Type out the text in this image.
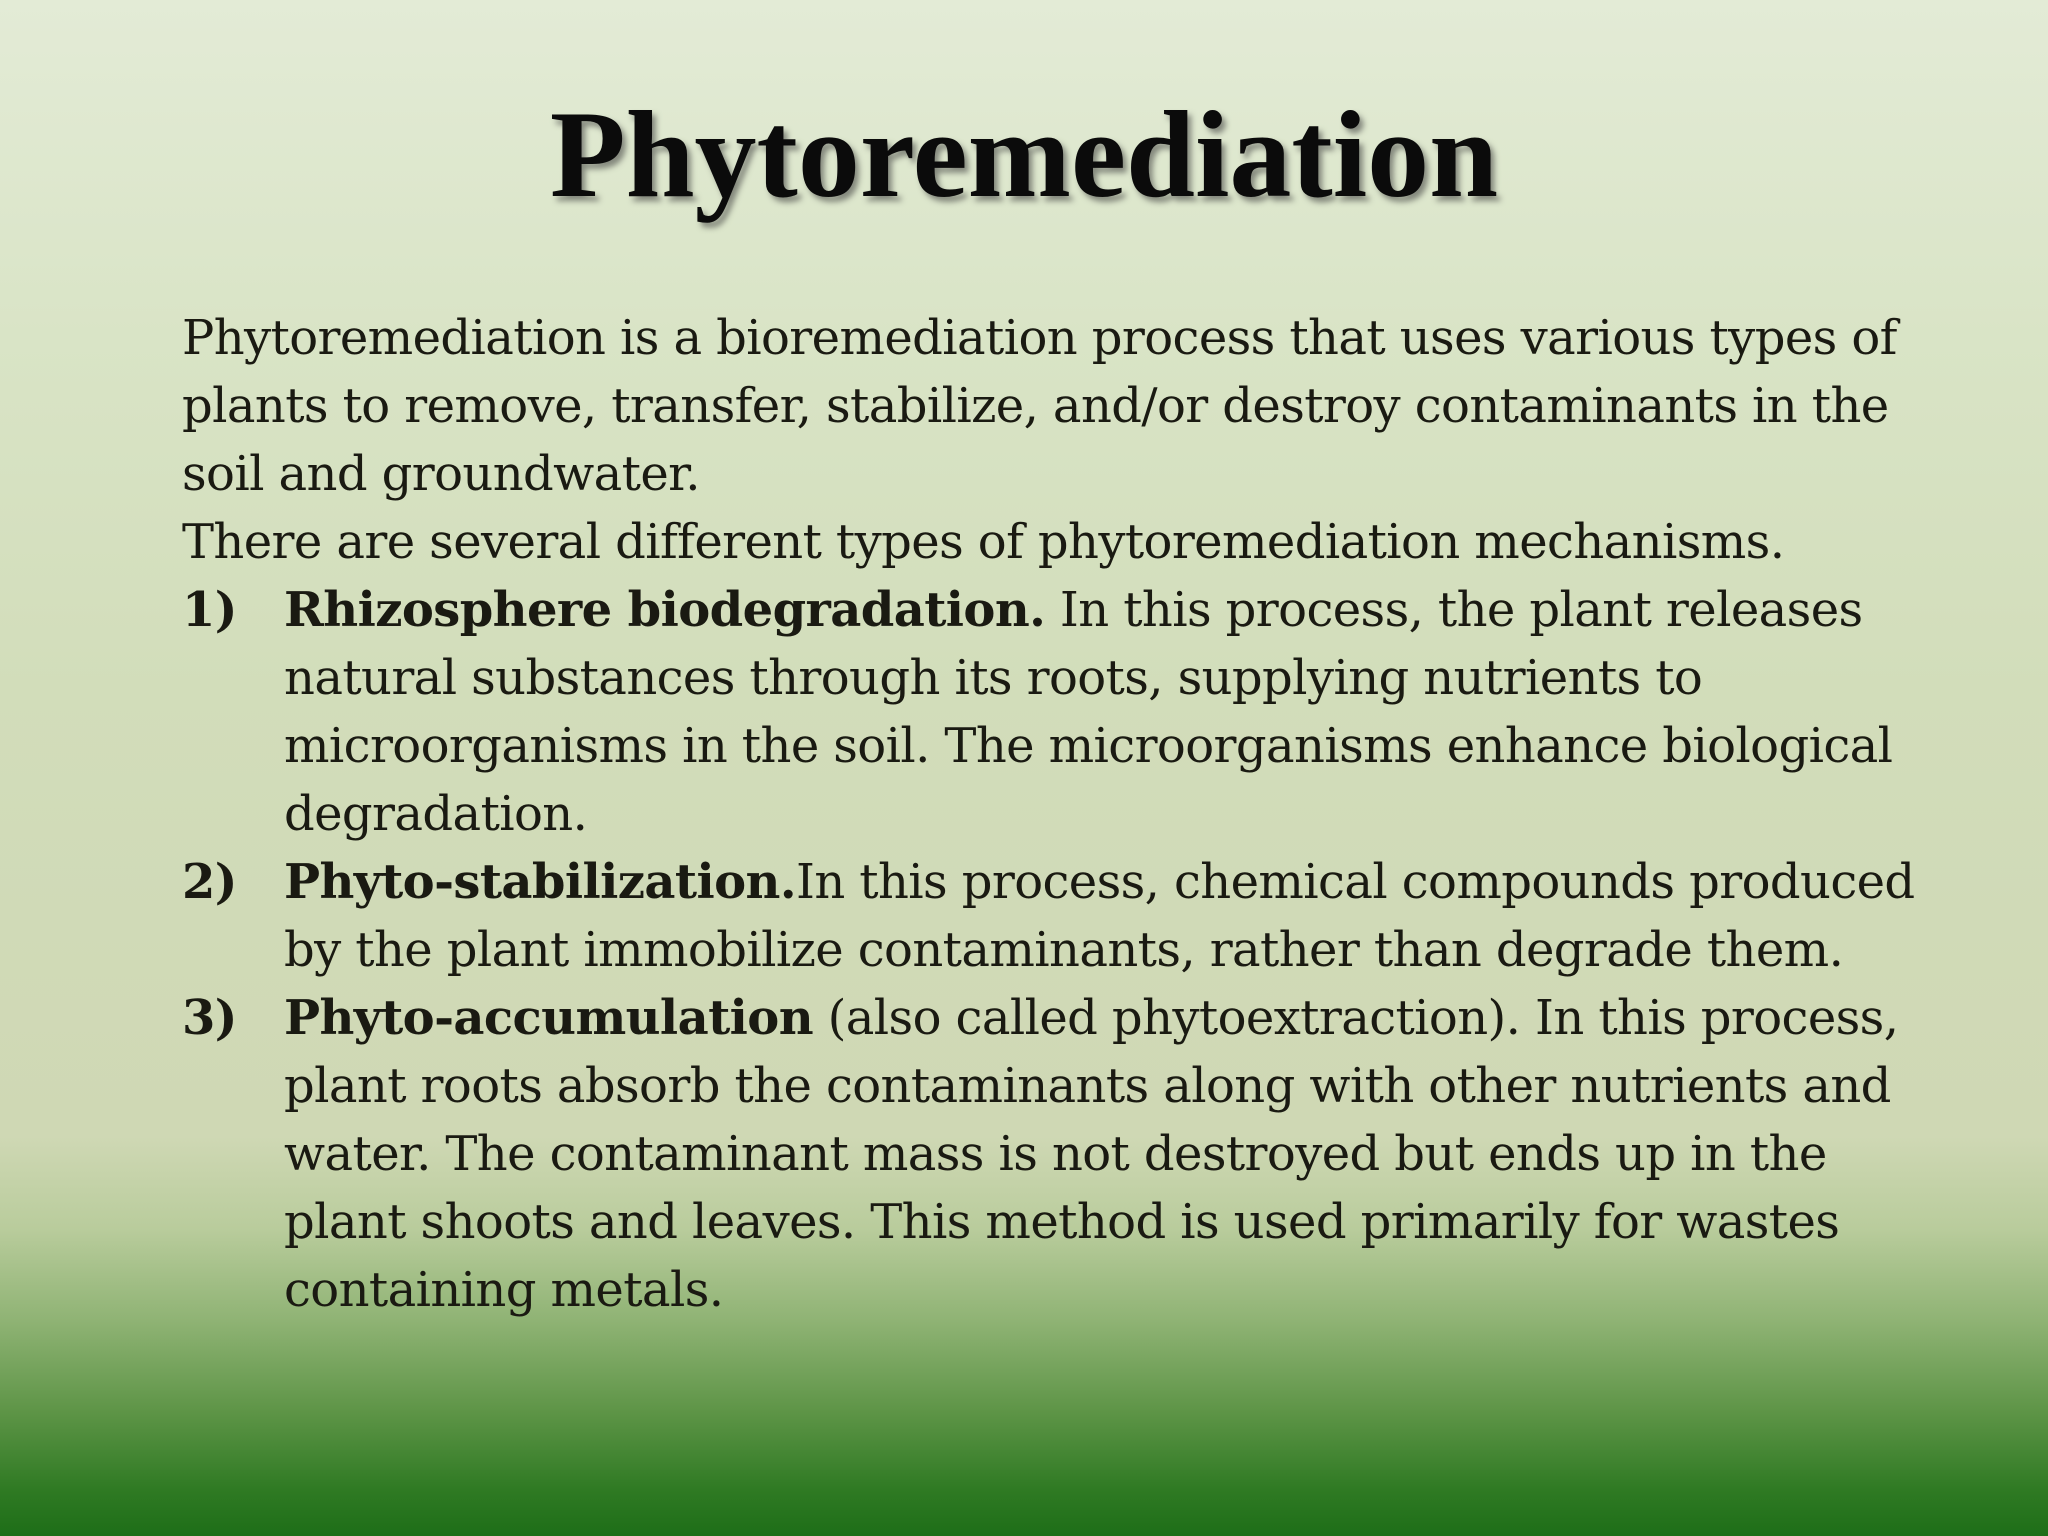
Phytoremediation

Phytoremediation is a bioremediation process that uses various types of plants to remove, transfer, stabilize, and/or destroy contaminants in the soil and groundwater.

There are several different types of phytoremediation mechanisms.

1) Rhizosphere biodegradation. In this process, the plant releases natural substances through its roots, supplying nutrients to microorganisms in the soil. The microorganisms enhance biological degradation.
2) Phyto-stabilization.In this process, chemical compounds produced by the plant immobilize contaminants, rather than degrade them.
3) Phyto-accumulation (also called phytoextraction). In this process, plant roots absorb the contaminants along with other nutrients and water. The contaminant mass is not destroyed but ends up in the plant shoots and leaves. This method is used primarily for wastes containing metals.
